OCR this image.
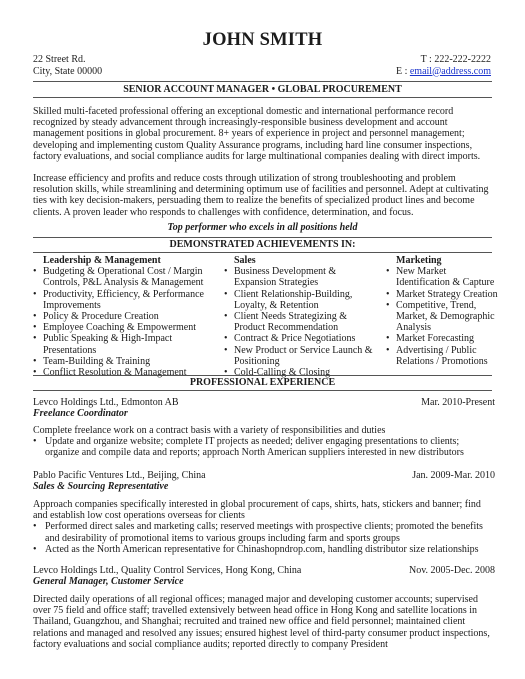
JOHN SMITH
22 Street Rd.
City, State 00000
T : 222-222-2222
E : email@address.com
SENIOR ACCOUNT MANAGER • GLOBAL PROCUREMENT
Skilled multi-faceted professional offering an exceptional domestic and international performance record recognized by steady advancement through increasingly-responsible business development and account management positions in global procurement. 8+ years of experience in project and personnel management; developing and implementing custom Quality Assurance programs, including hard line consumer inspections, factory evaluations, and social compliance audits for large multinational companies dealing with direct imports.
Increase efficiency and profits and reduce costs through utilization of strong troubleshooting and problem resolution skills, while streamlining and determining optimum use of facilities and personnel. Adept at cultivating ties with key decision-makers, persuading them to realize the benefits of specialized product lines and become clients. A proven leader who responds to challenges with confidence, determination, and focus.
Top performer who excels in all positions held
DEMONSTRATED ACHIEVEMENTS IN:
Leadership & Management
• Budgeting & Operational Cost / Margin Controls, P&L Analysis & Management
• Productivity, Efficiency, & Performance Improvements
• Policy & Procedure Creation
• Employee Coaching & Empowerment
• Public Speaking & High-Impact Presentations
• Team-Building & Training
• Conflict Resolution & Management
Sales
• Business Development & Expansion Strategies
• Client Relationship-Building, Loyalty, & Retention
• Client Needs Strategizing & Product Recommendation
• Contract & Price Negotiations
• New Product or Service Launch & Positioning
• Cold-Calling & Closing
Marketing
• New Market Identification & Capture
• Market Strategy Creation
• Competitive, Trend, Market, & Demographic Analysis
• Market Forecasting
• Advertising / Public Relations / Promotions
PROFESSIONAL EXPERIENCE
Levco Holdings Ltd., Edmonton AB	Mar. 2010-Present
Freelance Coordinator
Complete freelance work on a contract basis with a variety of responsibilities and duties
• Update and organize website; complete IT projects as needed; deliver engaging presentations to clients; organize and compile data and reports; approach North American suppliers interested in new distributors
Pablo Pacific Ventures Ltd., Beijing, China	Jan. 2009-Mar. 2010
Sales & Sourcing Representative
Approach companies specifically interested in global procurement of caps, shirts, hats, stickers and banner; find and establish low cost operations overseas for clients
• Performed direct sales and marketing calls; reserved meetings with prospective clients; promoted the benefits and desirability of promotional items to various groups including farm and sports groups
• Acted as the North American representative for Chinashopndrop.com, handling distributor size relationships
Levco Holdings Ltd., Quality Control Services, Hong Kong, China	Nov. 2005-Dec. 2008
General Manager, Customer Service
Directed daily operations of all regional offices; managed major and developing customer accounts; supervised over 75 field and office staff; travelled extensively between head office in Hong Kong and satellite locations in Thailand, Guangzhou, and Shanghai; recruited and trained new office and field personnel; maintained client relations and managed and resolved any issues; ensured highest level of third-party consumer product inspections, factory evaluations and social compliance audits; reported directly to company President
